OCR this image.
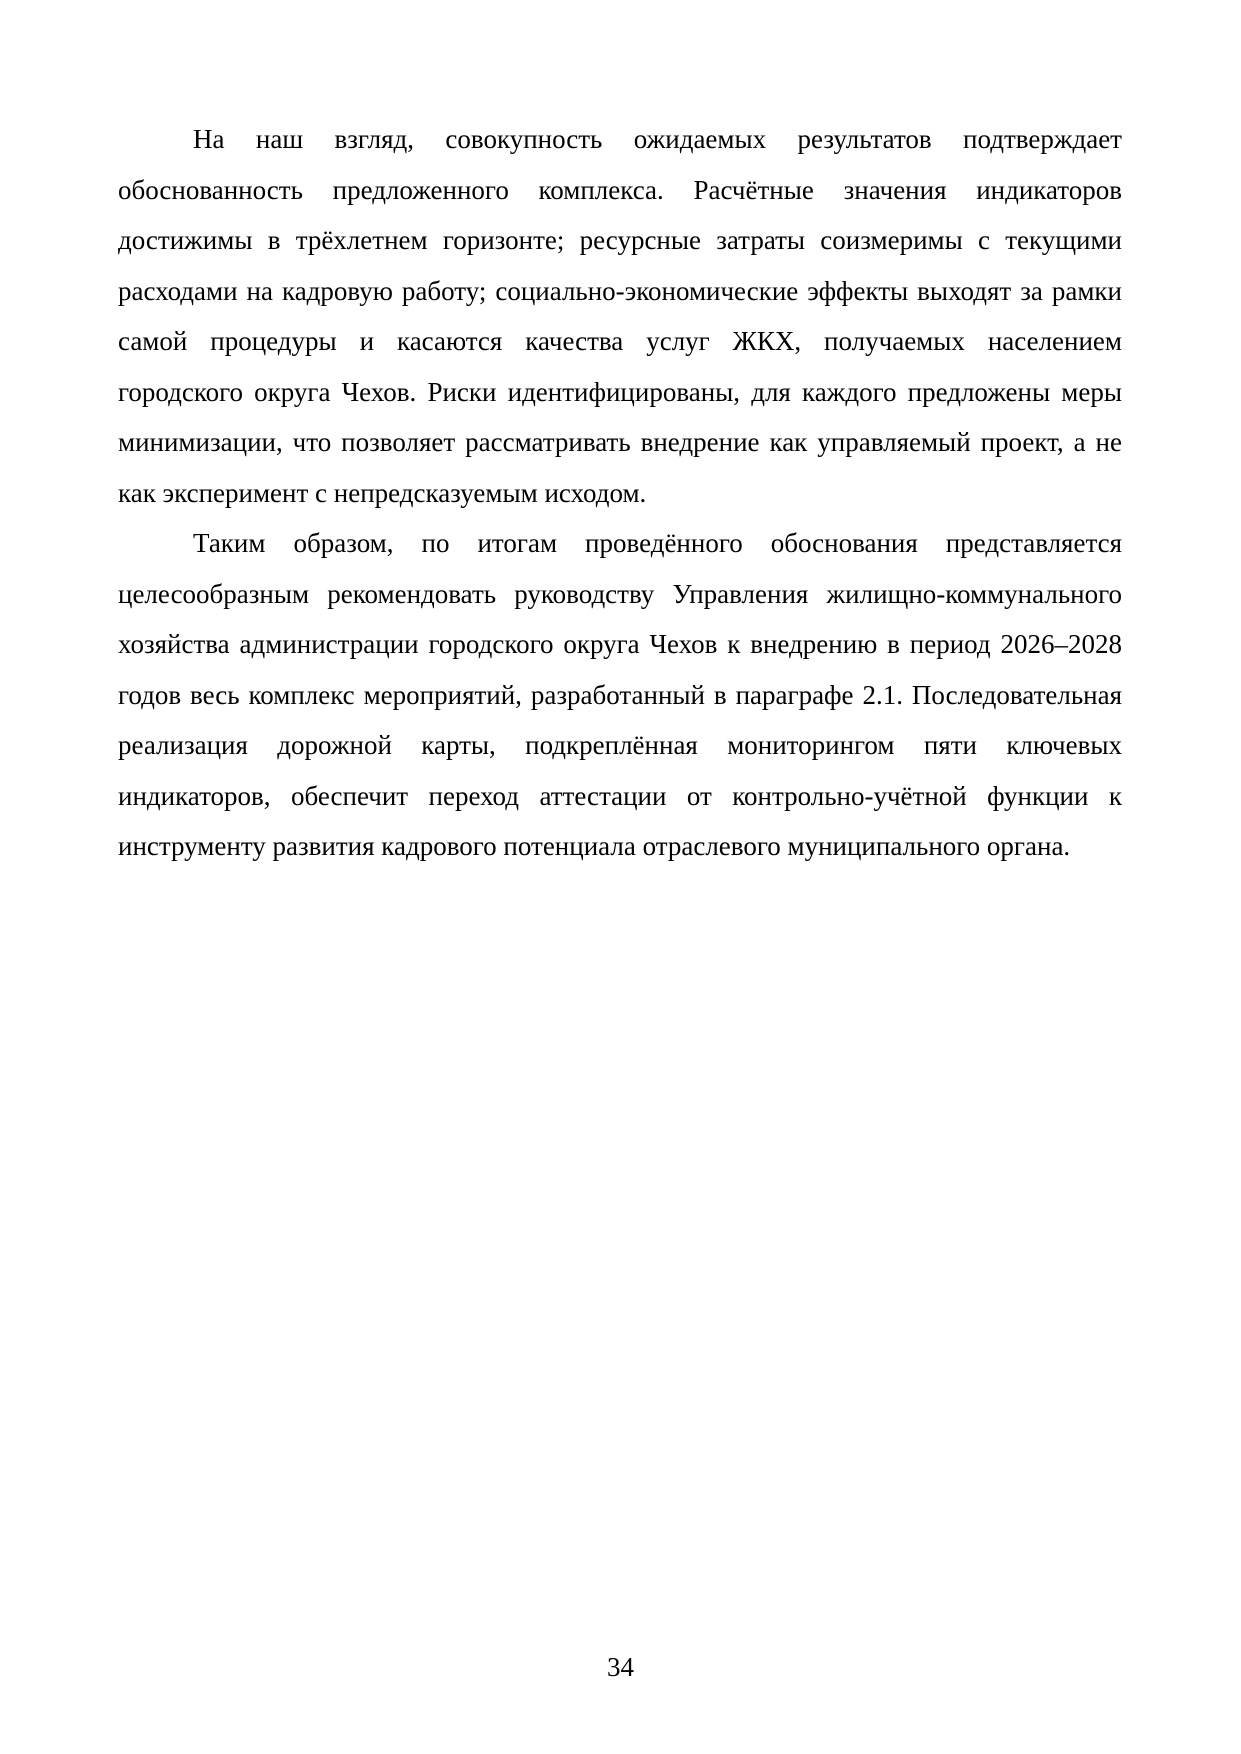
На наш взгляд, совокупность ожидаемых результатов подтверждает обоснованность предложенного комплекса. Расчётные значения индикаторов достижимы в трёхлетнем горизонте; ресурсные затраты соизмеримы с текущими расходами на кадровую работу; социально-экономические эффекты выходят за рамки самой процедуры и касаются качества услуг ЖКХ, получаемых населением городского округа Чехов. Риски идентифицированы, для каждого предложены меры минимизации, что позволяет рассматривать внедрение как управляемый проект, а не как эксперимент с непредсказуемым исходом.

Таким образом, по итогам проведённого обоснования представляется целесообразным рекомендовать руководству Управления жилищно-коммунального хозяйства администрации городского округа Чехов к внедрению в период 2026–2028 годов весь комплекс мероприятий, разработанный в параграфе 2.1. Последовательная реализация дорожной карты, подкреплённая мониторингом пяти ключевых индикаторов, обеспечит переход аттестации от контрольно-учётной функции к инструменту развития кадрового потенциала отраслевого муниципального органа.

34
